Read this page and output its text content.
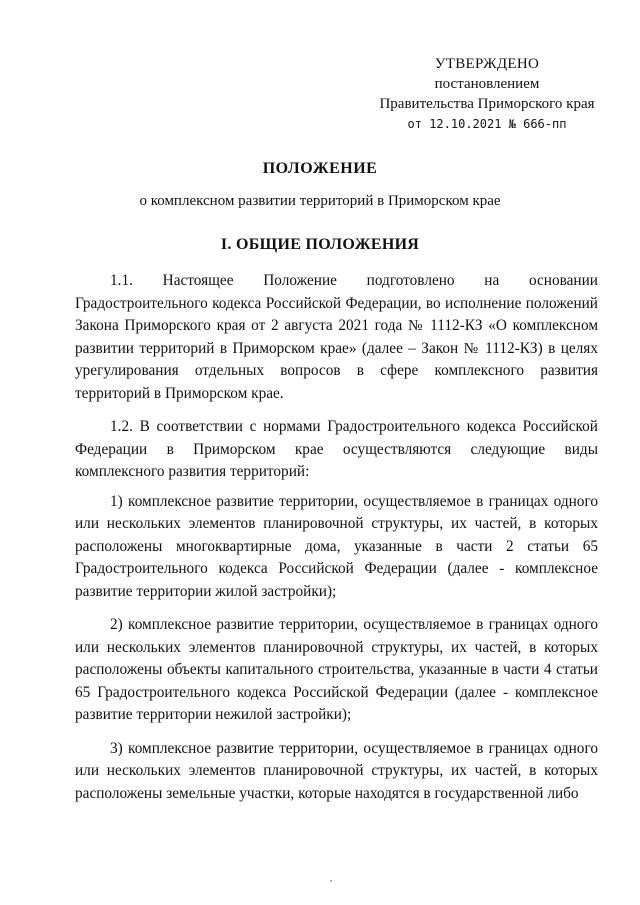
УТВЕРЖДЕНО
постановлением
Правительства Приморского края
от 12.10.2021 № 666-пп
ПОЛОЖЕНИЕ
о комплексном развитии территорий в Приморском крае
I. ОБЩИЕ ПОЛОЖЕНИЯ

1.1. Настоящее Положение подготовлено на основании Градостроительного кодекса Российской Федерации, во исполнение положений Закона Приморского края от 2 августа 2021 года № 1112-КЗ «О комплексном развитии территорий в Приморском крае» (далее – Закон № 1112-КЗ) в целях урегулирования отдельных вопросов в сфере комплексного развития территорий в Приморском крае.

1.2. В соответствии с нормами Градостроительного кодекса Российской Федерации в Приморском крае осуществляются следующие виды комплексного развития территорий:

1) комплексное развитие территории, осуществляемое в границах одного или нескольких элементов планировочной структуры, их частей, в которых расположены многоквартирные дома, указанные в части 2 статьи 65 Градостроительного кодекса Российской Федерации (далее - комплексное развитие территории жилой застройки);

2) комплексное развитие территории, осуществляемое в границах одного или нескольких элементов планировочной структуры, их частей, в которых расположены объекты капитального строительства, указанные в части 4 статьи 65 Градостроительного кодекса Российской Федерации (далее - комплексное развитие территории нежилой застройки);

3) комплексное развитие территории, осуществляемое в границах одного или нескольких элементов планировочной структуры, их частей, в которых расположены земельные участки, которые находятся в государственной либо
